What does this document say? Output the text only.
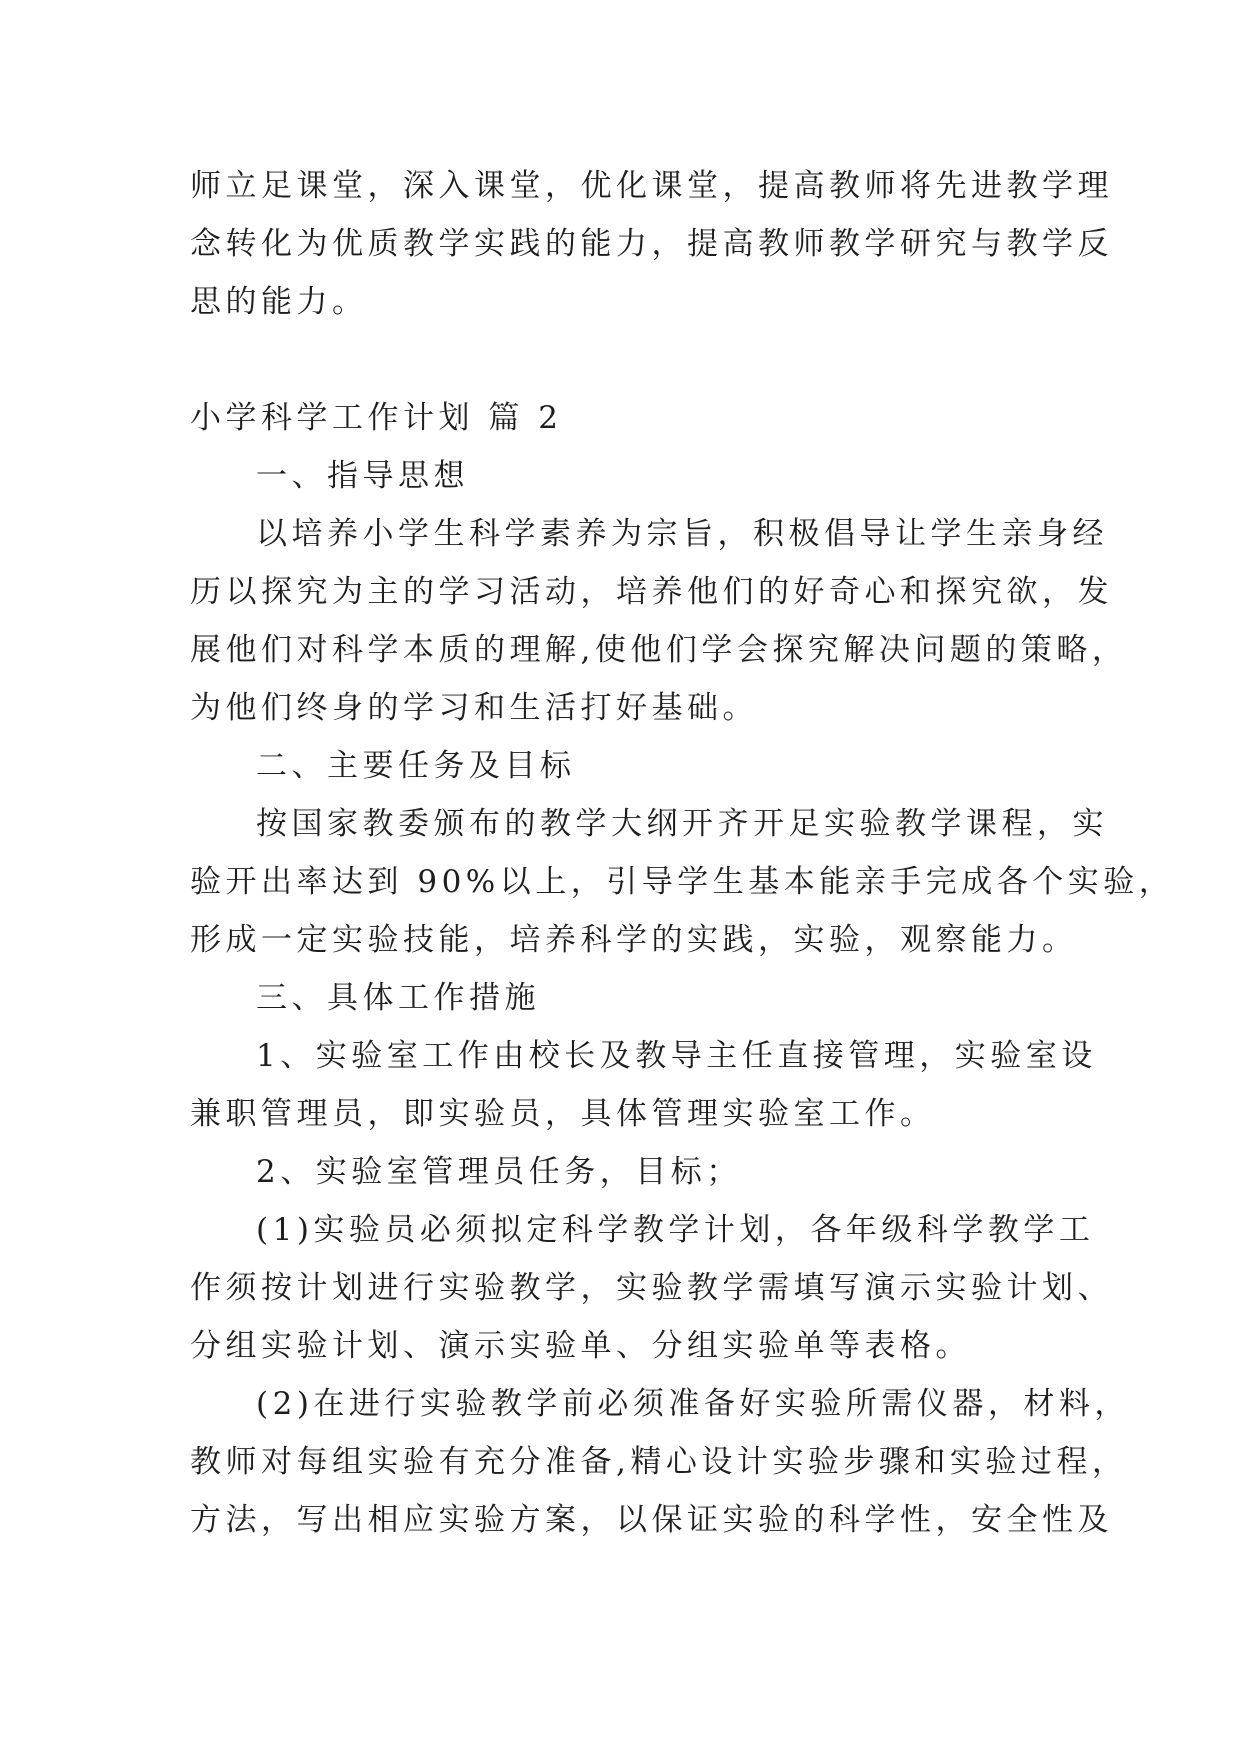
师立足课堂，深入课堂，优化课堂，提高教师将先进教学理
念转化为优质教学实践的能力，提高教师教学研究与教学反
思的能力。
小学科学工作计划 篇 2
一、指导思想
以培养小学生科学素养为宗旨，积极倡导让学生亲身经
历以探究为主的学习活动，培养他们的好奇心和探究欲，发
展他们对科学本质的理解,使他们学会探究解决问题的策略，
为他们终身的学习和生活打好基础。
二、主要任务及目标
按国家教委颁布的教学大纲开齐开足实验教学课程，实
验开出率达到 90%以上，引导学生基本能亲手完成各个实验，
形成一定实验技能，培养科学的实践，实验，观察能力。
三、具体工作措施
1、实验室工作由校长及教导主任直接管理，实验室设
兼职管理员，即实验员，具体管理实验室工作。
2、实验室管理员任务，目标；
(1)实验员必须拟定科学教学计划，各年级科学教学工
作须按计划进行实验教学，实验教学需填写演示实验计划、
分组实验计划、演示实验单、分组实验单等表格。
(2)在进行实验教学前必须准备好实验所需仪器，材料，
教师对每组实验有充分准备,精心设计实验步骤和实验过程，
方法，写出相应实验方案，以保证实验的科学性，安全性及
